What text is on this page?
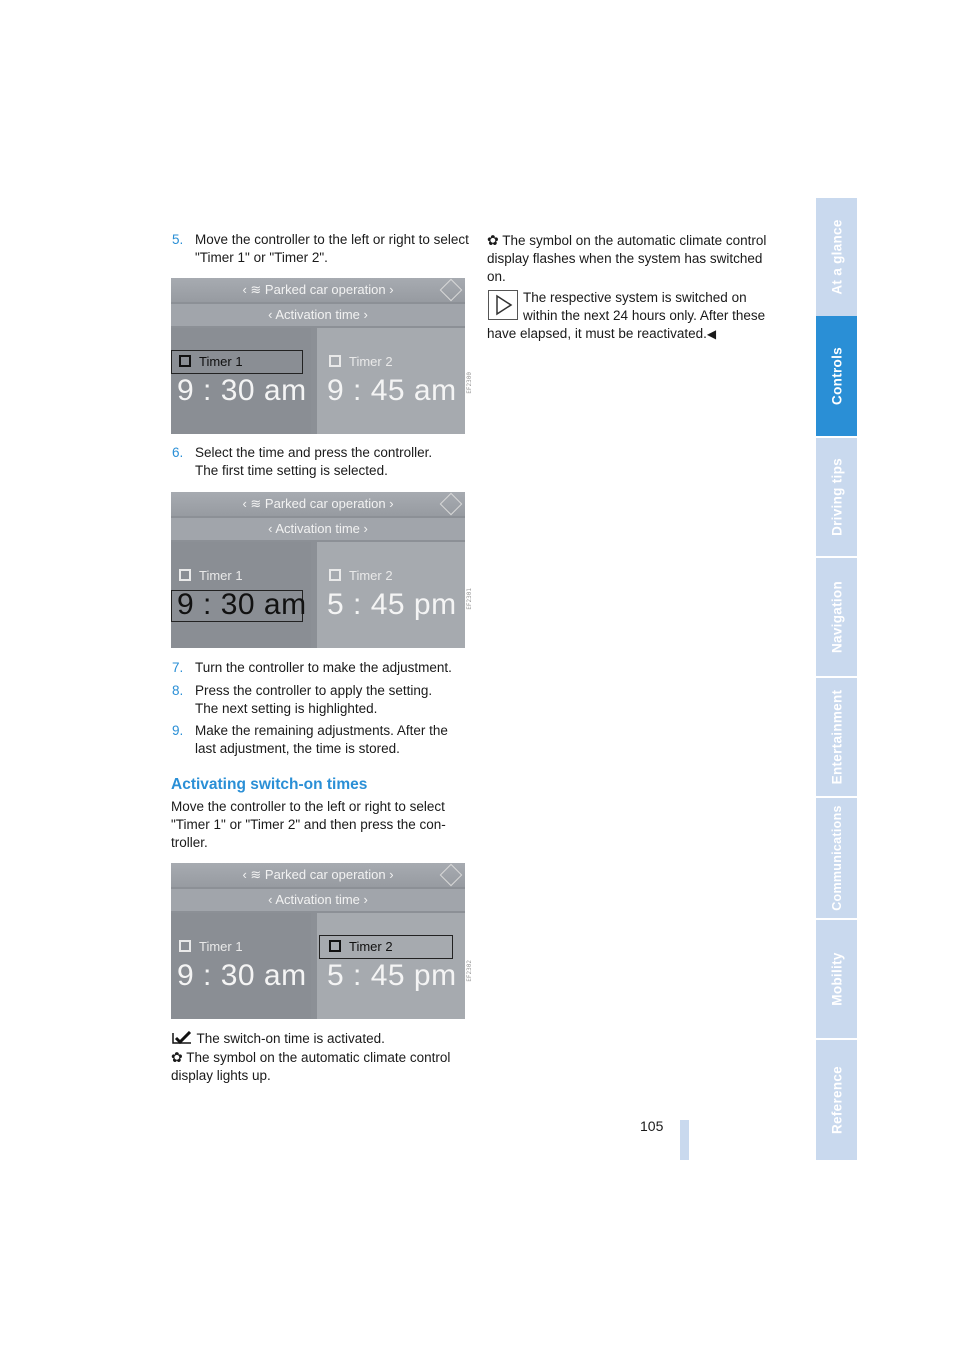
5. Move the controller to the left or right to select "Timer 1" or "Timer 2".
‹ ≋ Parked car operation ›
‹ Activation time ›
Timer 1	Timer 2
9 : 30 am 9 : 45 am EF2300
6. Select the time and press the controller. The first time setting is selected.
‹ ≋ Parked car operation ›
‹ Activation time ›
Timer 1	Timer 2
9 : 30 am 5 : 45 pm EF2301
7. Turn the controller to make the adjustment.
8. Press the controller to apply the setting. The next setting is highlighted.
9. Make the remaining adjustments. After the last adjustment, the time is stored.
Activating switch-on times
Move the controller to the left or right to select "Timer 1" or "Timer 2" and then press the con-troller.
‹ ≋ Parked car operation ›
‹ Activation time ›
Timer 1	Timer 2
9 : 30 am 5 : 45 pm EF2302
The switch-on time is activated.
✿ The symbol on the automatic climate control display lights up.
✿ The symbol on the automatic climate control display flashes when the system has switched on.
The respective system is switched on
within the next 24 hours only. After these
have elapsed, it must be reactivated.◀
105
At a glance
Controls
Driving tips
Navigation
Entertainment
Communications
Mobility
Reference
